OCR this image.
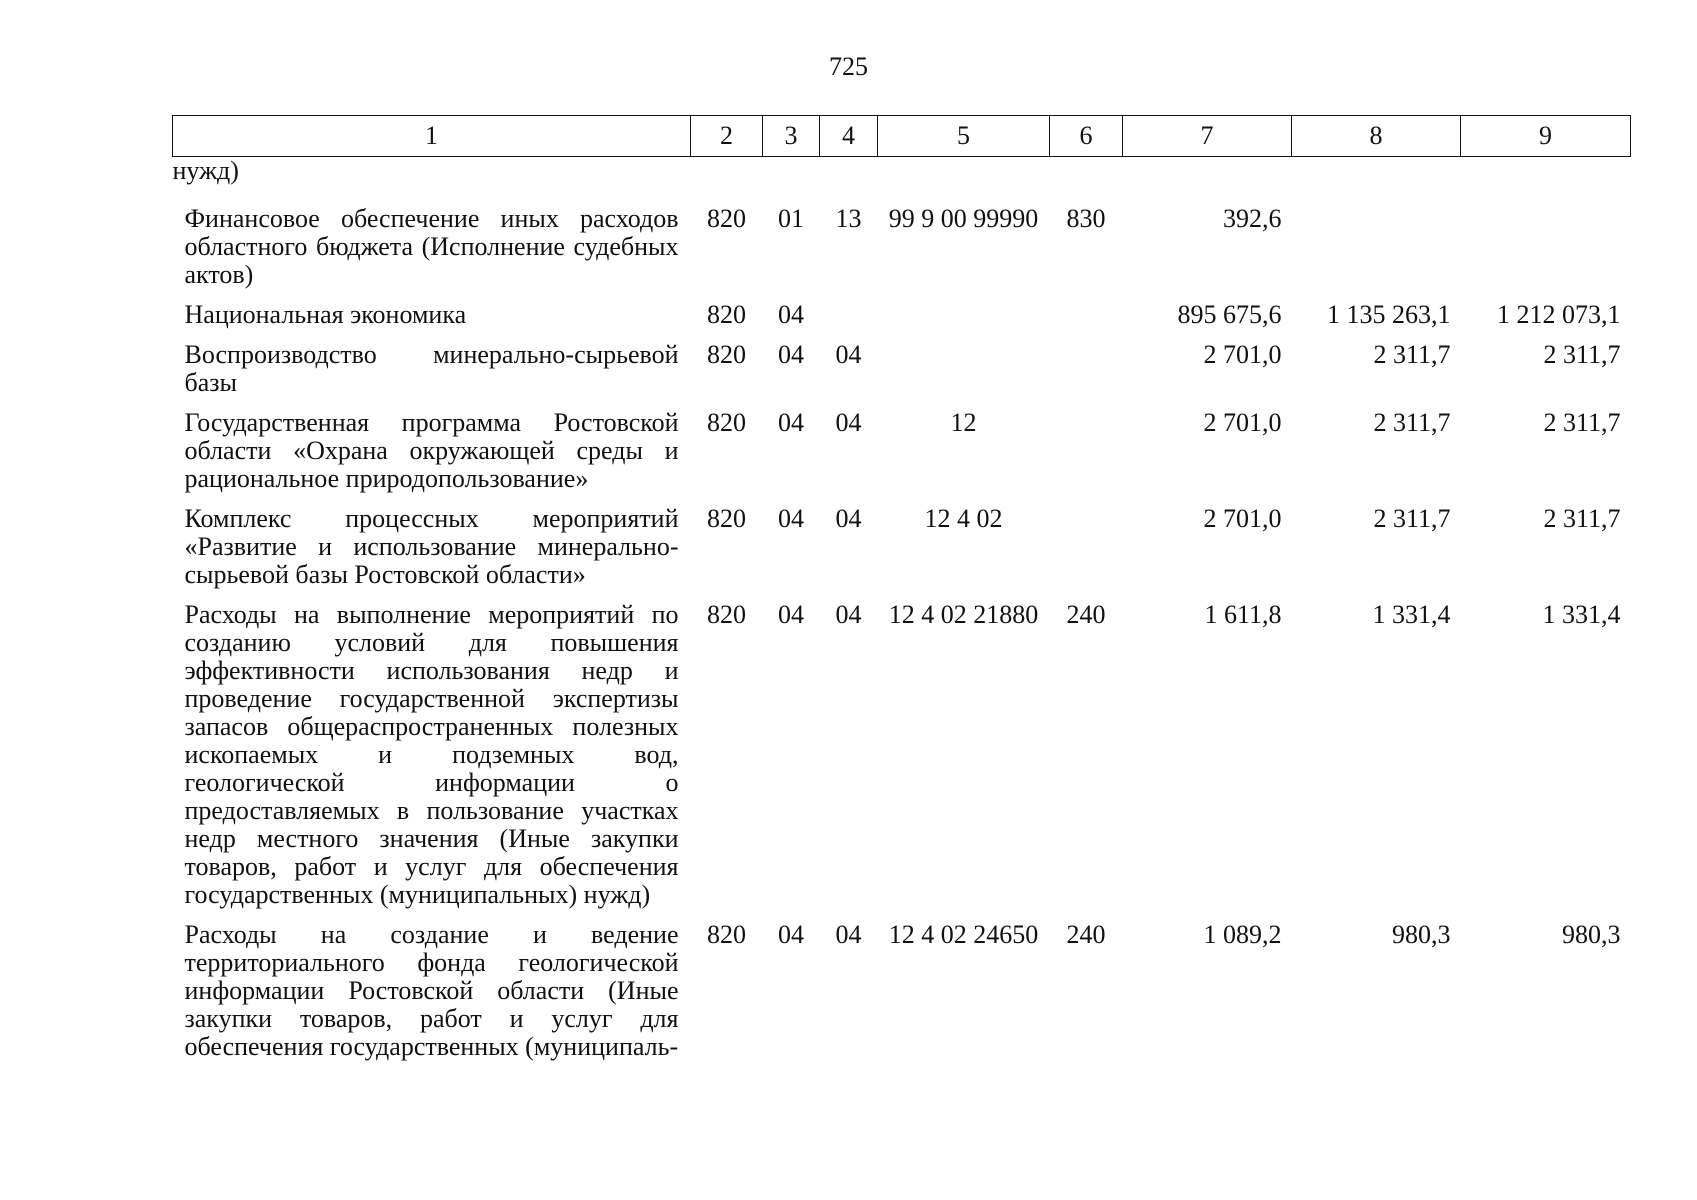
725
1	2	3	4	5	6	7	8	9
нужд)								
Финансовое обеспечение иных расходов областного бюджета (Исполнение судебных актов)	820	01	13	99 9 00 99990	830	392,6		
Национальная экономика	820	04				895 675,6	1 135 263,1	1 212 073,1
Воспроизводство минерально-сырьевой базы	820	04	04			2 701,0	2 311,7	2 311,7
Государственная программа Ростовской области «Охрана окружающей среды и рациональное природопользование»	820	04	04	12		2 701,0	2 311,7	2 311,7
Комплекс процессных мероприятий «Развитие и использование минерально-сырьевой базы Ростовской области»	820	04	04	12 4 02		2 701,0	2 311,7	2 311,7
Расходы на выполнение мероприятий по созданию условий для повышения эффективности использования недр и проведение государственной экспертизы запасов общераспространенных полезных ископаемых и подземных вод, геологической информации о предоставляемых в пользование участках недр местного значения (Иные закупки товаров, работ и услуг для обеспечения государственных (муниципальных) нужд)	820	04	04	12 4 02 21880	240	1 611,8	1 331,4	1 331,4
Расходы на создание и ведение территориального фонда геологической информации Ростовской области (Иные закупки товаров, работ и услуг для обеспечения государственных (муниципаль-	820	04	04	12 4 02 24650	240	1 089,2	980,3	980,3
